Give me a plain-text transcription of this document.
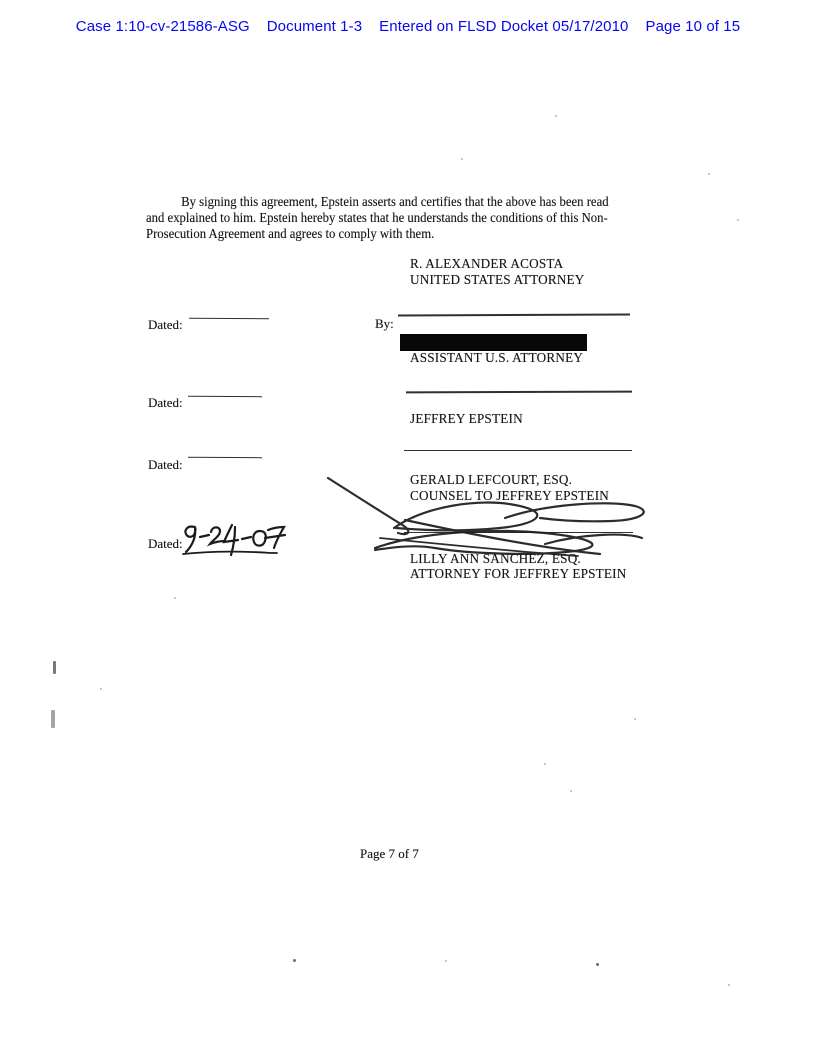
Case 1:10-cv-21586-ASG Document 1-3 Entered on FLSD Docket 05/17/2010 Page 10 of 15
By signing this agreement, Epstein asserts and certifies that the above has been read
and explained to him. Epstein hereby states that he understands the conditions of this Non-
Prosecution Agreement and agrees to comply with them.
R. ALEXANDER ACOSTA
UNITED STATES ATTORNEY
Dated:	By:
ASSISTANT U.S. ATTORNEY
Dated:
JEFFREY EPSTEIN
Dated:
GERALD LEFCOURT, ESQ.
COUNSEL TO JEFFREY EPSTEIN
Dated:
LILLY ANN SANCHEZ, ESQ.
ATTORNEY FOR JEFFREY EPSTEIN
Page 7 of 7
